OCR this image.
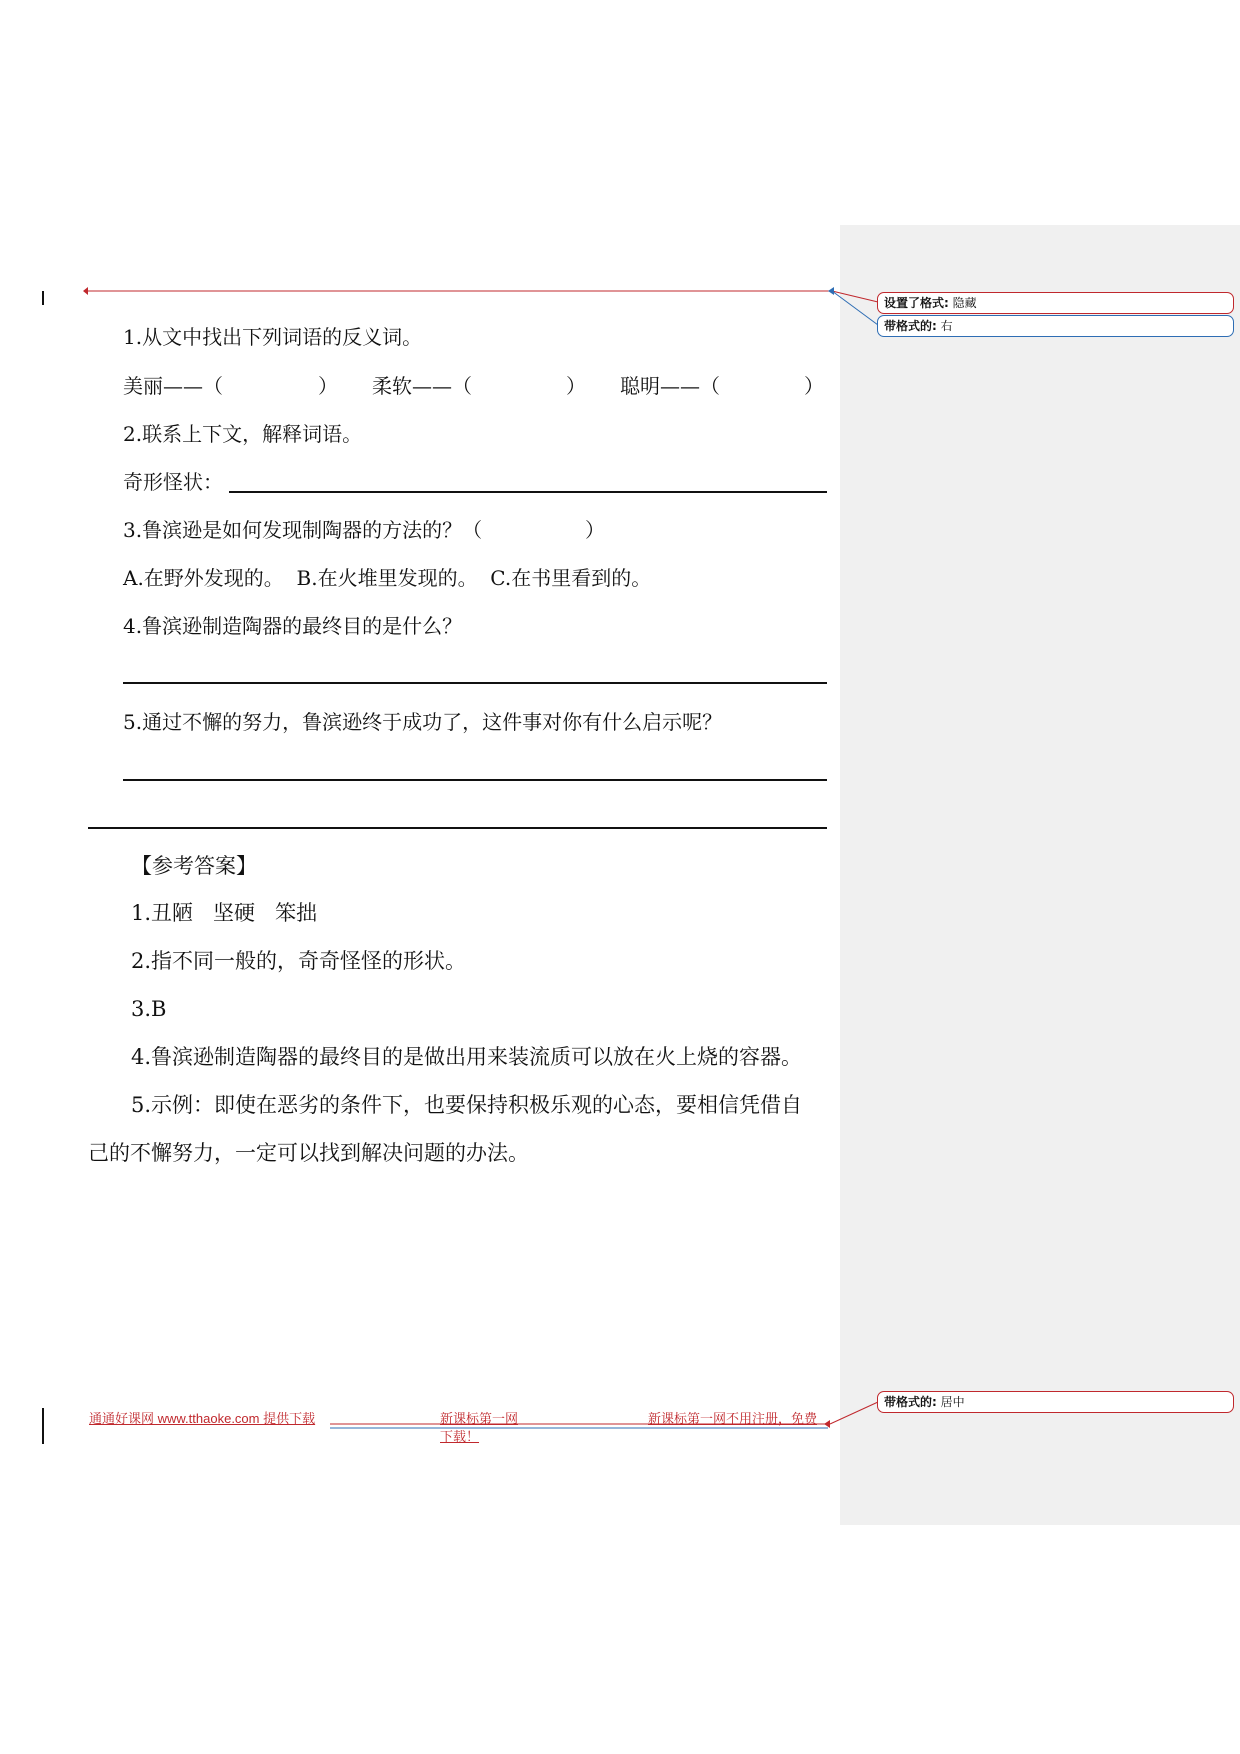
设置了格式: 隐藏
带格式的: 右
带格式的: 居中
1.从文中找出下列词语的反义词。
美丽——（	） 柔软——（	） 聪明——（	）
2.联系上下文，解释词语。
奇形怪状：
3.鲁滨逊是如何发现制陶器的方法的？（	）
A.在野外发现的。  B.在火堆里发现的。  C.在书里看到的。
4.鲁滨逊制造陶器的最终目的是什么？
5.通过不懈的努力，鲁滨逊终于成功了，这件事对你有什么启示呢？
【参考答案】
1.丑陋   坚硬   笨拙
2.指不同一般的，奇奇怪怪的形状。
3.B
4.鲁滨逊制造陶器的最终目的是做出用来装流质可以放在火上烧的容器。
5.示例：即使在恶劣的条件下，也要保持积极乐观的心态，要相信凭借自
己的不懈努力，一定可以找到解决问题的办法。
通通好课网 www.tthaoke.com 提供下载	新课标第一网
下载！
新课标第一网不用注册，免费
